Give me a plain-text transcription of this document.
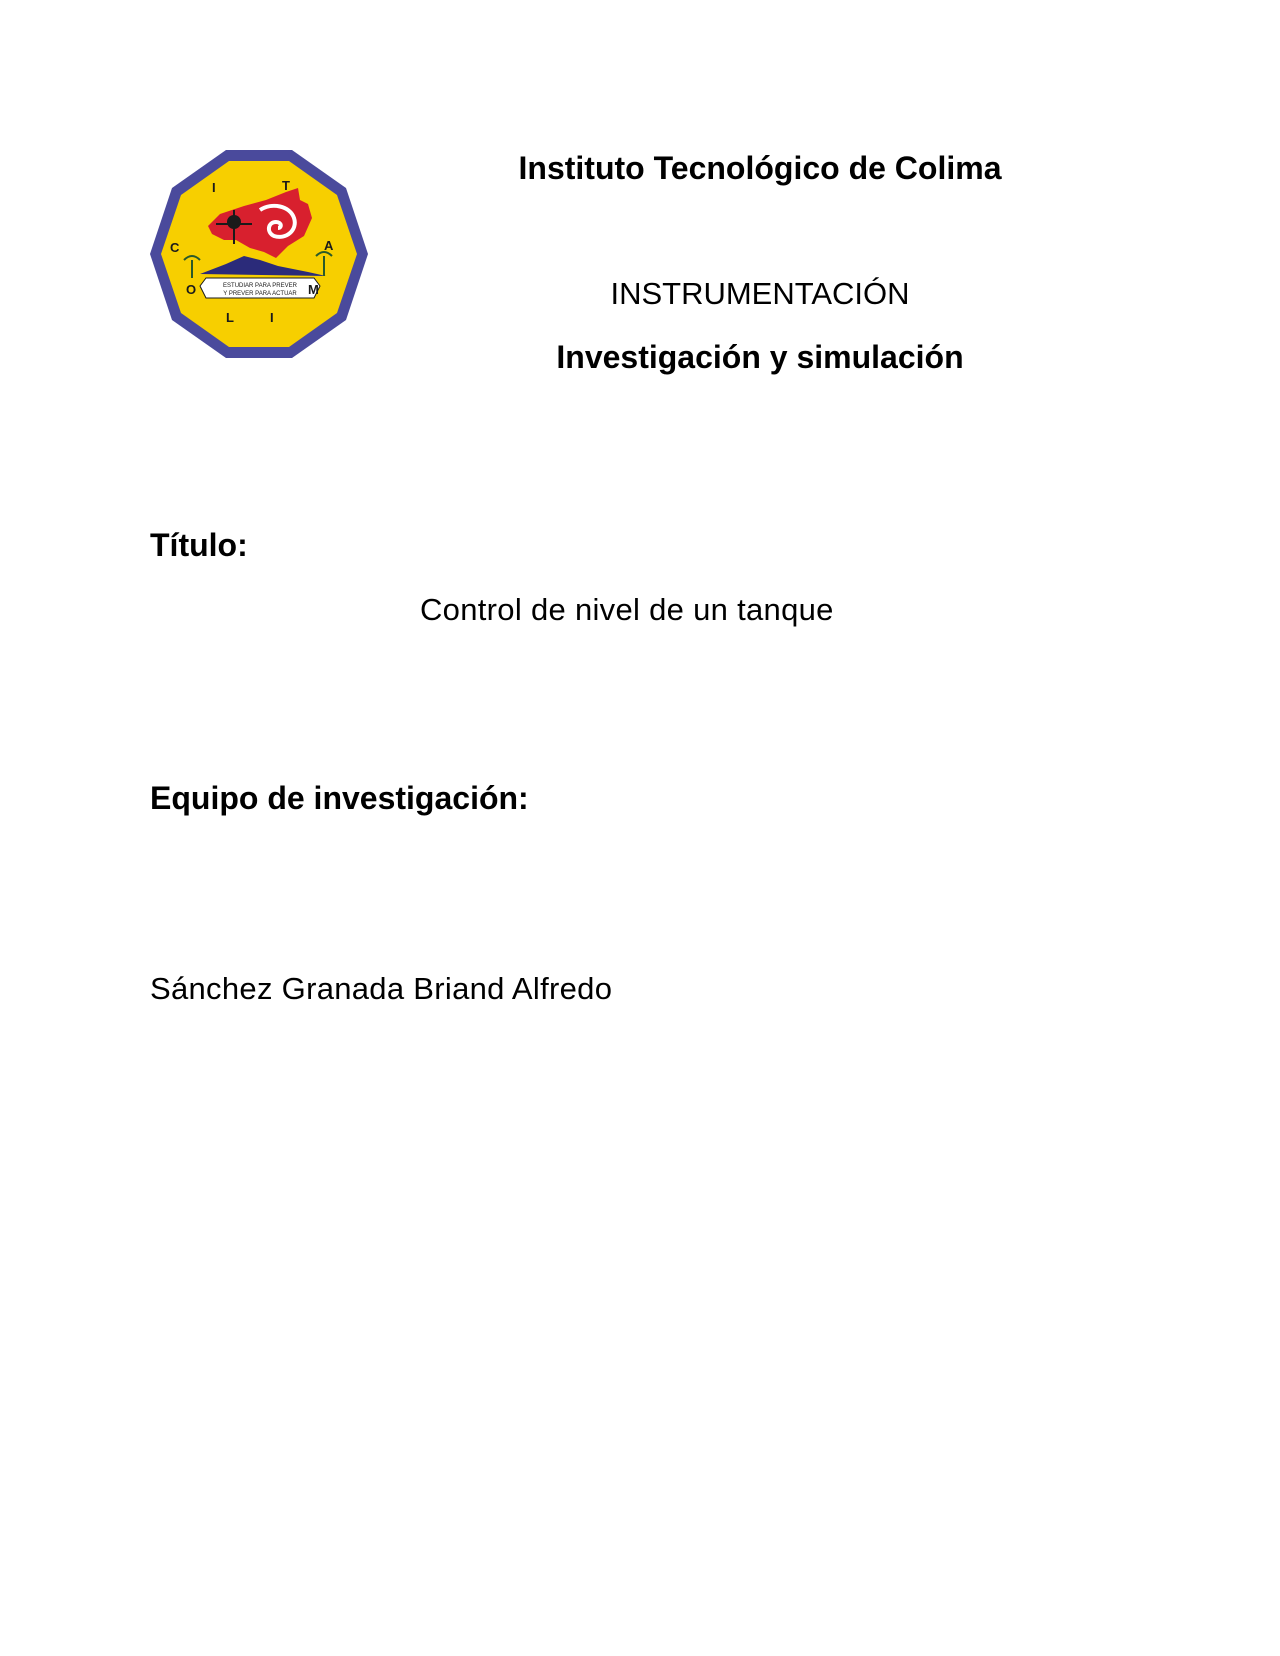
ESTUDIAR PARA PREVER
Y PREVER PARA ACTUAR
I	T
A
M
I
L
O
C
Instituto Tecnológico de Colima

INSTRUMENTACIÓN

Investigación y simulación
Título:

Control de nivel de un tanque

Equipo de investigación:

Sánchez Granada Briand Alfredo
